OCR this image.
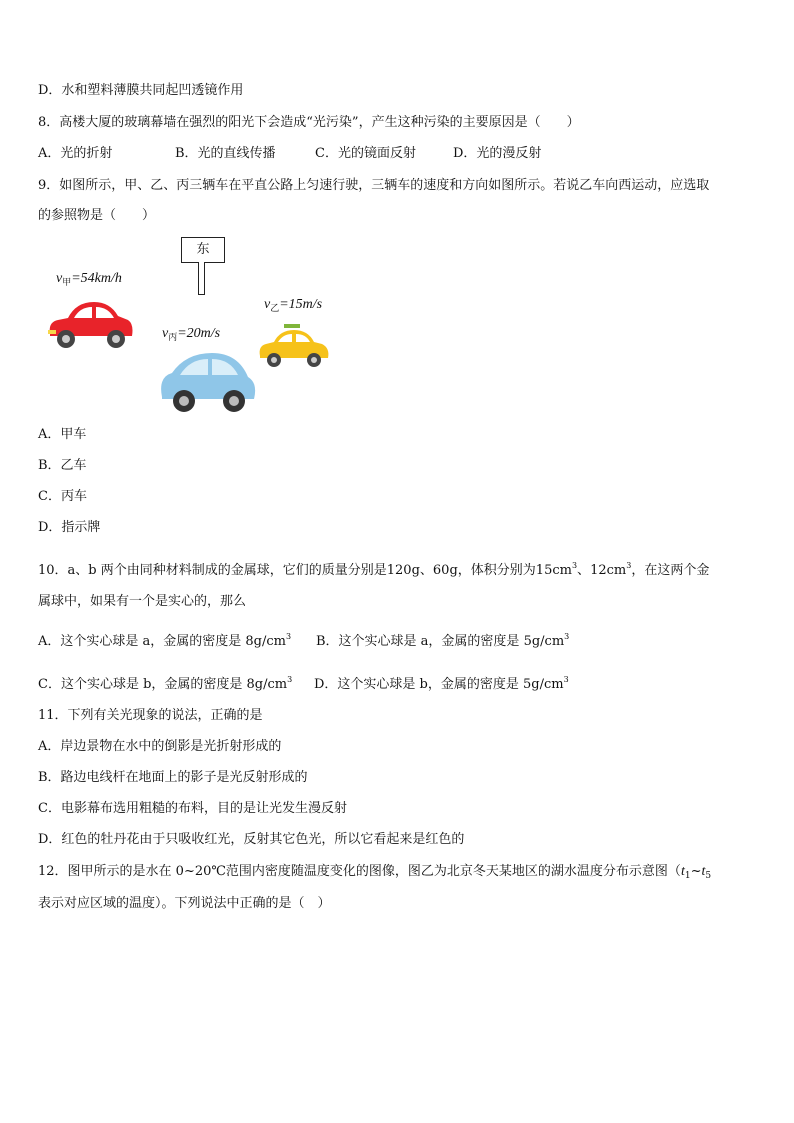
D．水和塑料薄膜共同起凹透镜作用
8．高楼大厦的玻璃幕墙在强烈的阳光下会造成“光污染”，产生这种污染的主要原因是（　　）
A．光的折射	B．光的直线传播	C．光的镜面反射	D．光的漫反射
9．如图所示，甲、乙、丙三辆车在平直公路上匀速行驶，三辆车的速度和方向如图所示。若说乙车向西运动，应选取
的参照物是（　　）
东
$v_甲=54km/h$
$v_乙=15m/s$
$v_丙=20m/s$
A．甲车
B．乙车
C．丙车
D．指示牌
10．a、b 两个由同种材料制成的金属球，它们的质量分别是120g、60g，体积分别为$15cm^3$、$12cm^3$，在这两个金
属球中，如果有一个是实心的，那么
A．这个实心球是 a，金属的密度是 $8g/cm^3$ B．这个实心球是 a，金属的密度是 $5g/cm^3$
C．这个实心球是 b，金属的密度是 $8g/cm^3$ D．这个实心球是 b，金属的密度是 $5g/cm^3$
11．下列有关光现象的说法，正确的是
A．岸边景物在水中的倒影是光折射形成的
B．路边电线杆在地面上的影子是光反射形成的
C．电影幕布选用粗糙的布料，目的是让光发生漫反射
D．红色的牡丹花由于只吸收红光，反射其它色光，所以它看起来是红色的
12．图甲所示的是水在 0~20℃范围内密度随温度变化的图像，图乙为北京冬天某地区的湖水温度分布示意图（$t_1\sim t_5$
表示对应区域的温度）。下列说法中正确的是（　）
